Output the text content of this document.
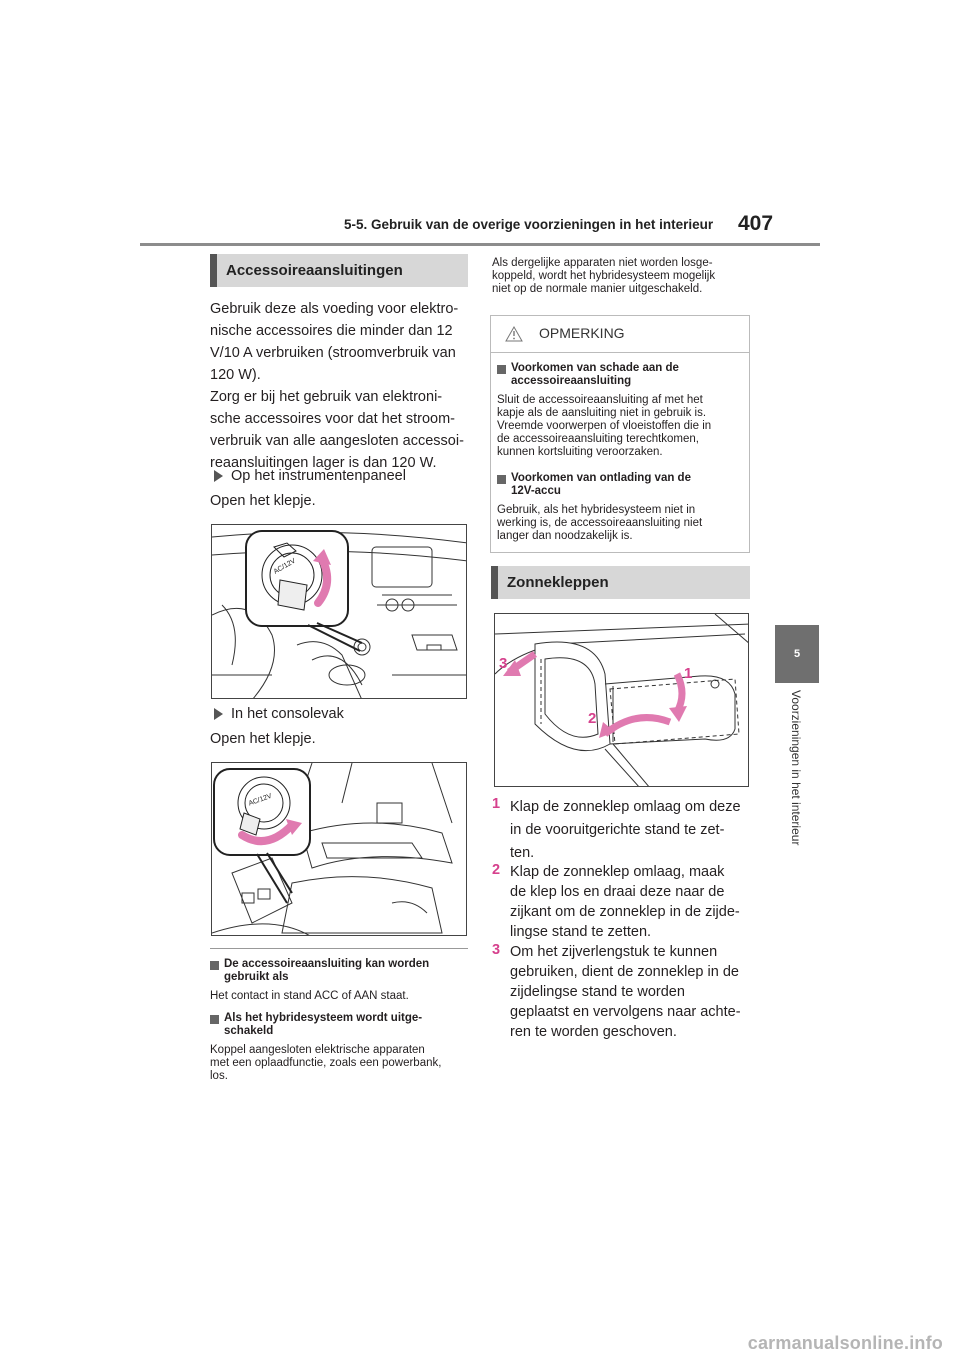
5-5. Gebruik van de overige voorzieningen in het interieur 407
5
Voorzieningen in het interieur
Accessoireaansluitingen
Gebruik deze als voeding voor elektro-
nische accessoires die minder dan 12
V/10 A verbruiken (stroomverbruik van
120 W).
Zorg er bij het gebruik van elektroni-
sche accessoires voor dat het stroom-
verbruik van alle aangesloten accessoi-
reaansluitingen lager is dan 120 W.
Op het instrumentenpaneel
Open het klepje.
AC/12V
In het consolevak
Open het klepje.
AC/12V
De accessoireaansluiting kan worden
gebruikt als
Het contact in stand ACC of AAN staat.
Als het hybridesysteem wordt uitge-
schakeld
Koppel aangesloten elektrische apparaten
met een oplaadfunctie, zoals een powerbank,
los.
Als dergelijke apparaten niet worden losge-
koppeld, wordt het hybridesysteem mogelijk
niet op de normale manier uitgeschakeld.
OPMERKING
Voorkomen van schade aan de
accessoireaansluiting
Sluit de accessoireaansluiting af met het
kapje als de aansluiting niet in gebruik is.
Vreemde voorwerpen of vloeistoffen die in
de accessoireaansluiting terechtkomen,
kunnen kortsluiting veroorzaken.
Voorkomen van ontlading van de
12V-accu
Gebruik, als het hybridesysteem niet in
werking is, de accessoireaansluiting niet
langer dan noodzakelijk is.
Zonnekleppen
3
1
2
1 Klap de zonneklep omlaag om deze
in de vooruitgerichte stand te zet-
ten.
2 Klap de zonneklep omlaag, maak
de klep los en draai deze naar de
zijkant om de zonneklep in de zijde-
lingse stand te zetten.
3 Om het zijverlengstuk te kunnen
gebruiken, dient de zonneklep in de
zijdelingse stand te worden
geplaatst en vervolgens naar achte-
ren te worden geschoven.
carmanualsonline.info
